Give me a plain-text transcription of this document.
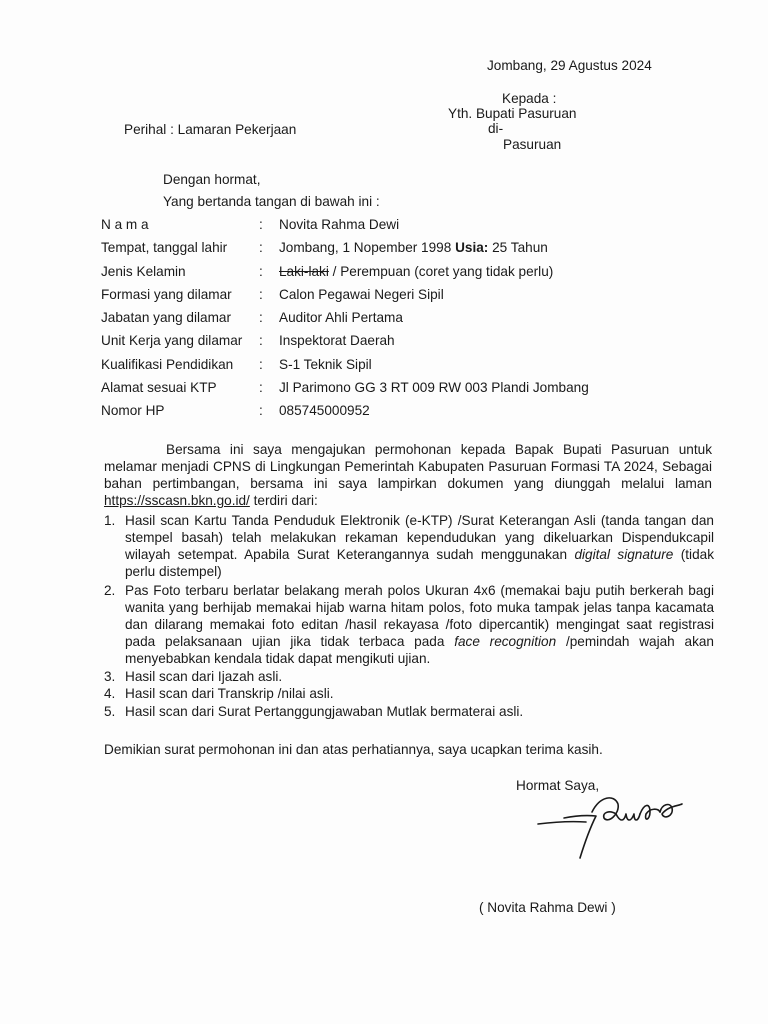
Jombang, 29 Agustus 2024
Kepada :
Yth. Bupati Pasuruan
di-
Pasuruan
Perihal : Lamaran Pekerjaan
Dengan hormat,
Yang bertanda tangan di bawah ini :
N a m a	: Novita Rahma Dewi
Tempat, tanggal lahir : Jombang, 1 Nopember 1998 Usia: 25 Tahun
Jenis Kelamin	: Laki-laki / Perempuan (coret yang tidak perlu)
Formasi yang dilamar : Calon Pegawai Negeri Sipil
Jabatan yang dilamar : Auditor Ahli Pertama
Unit Kerja yang dilamar : Inspektorat Daerah
Kualifikasi Pendidikan : S-1 Teknik Sipil
Alamat sesuai KTP	: Jl Parimono GG 3 RT 009 RW 003 Plandi Jombang
Nomor HP	: 085745000952

Bersama ini saya mengajukan permohonan kepada Bapak Bupati Pasuruan untuk melamar menjadi CPNS di Lingkungan Pemerintah Kabupaten Pasuruan Formasi TA 2024, Sebagai bahan pertimbangan, bersama ini saya lampirkan dokumen yang diunggah melalui laman https://sscasn.bkn.go.id/ terdiri dari:

1. Hasil scan Kartu Tanda Penduduk Elektronik (e-KTP) /Surat Keterangan Asli (tanda tangan dan stempel basah) telah melakukan rekaman kependudukan yang dikeluarkan Dispendukcapil wilayah setempat. Apabila Surat Keterangannya sudah menggunakan digital signature (tidak perlu distempel)
2. Pas Foto terbaru berlatar belakang merah polos Ukuran 4x6 (memakai baju putih berkerah bagi wanita yang berhijab memakai hijab warna hitam polos, foto muka tampak jelas tanpa kacamata dan dilarang memakai foto editan /hasil rekayasa /foto dipercantik) mengingat saat registrasi pada pelaksanaan ujian jika tidak terbaca pada face recognition /pemindah wajah akan menyebabkan kendala tidak dapat mengikuti ujian.
3. Hasil scan dari Ijazah asli.
4. Hasil scan dari Transkrip /nilai asli.
5. Hasil scan dari Surat Pertanggungjawaban Mutlak bermaterai asli.
Demikian surat permohonan ini dan atas perhatiannya, saya ucapkan terima kasih.
Hormat Saya,
( Novita Rahma Dewi )
